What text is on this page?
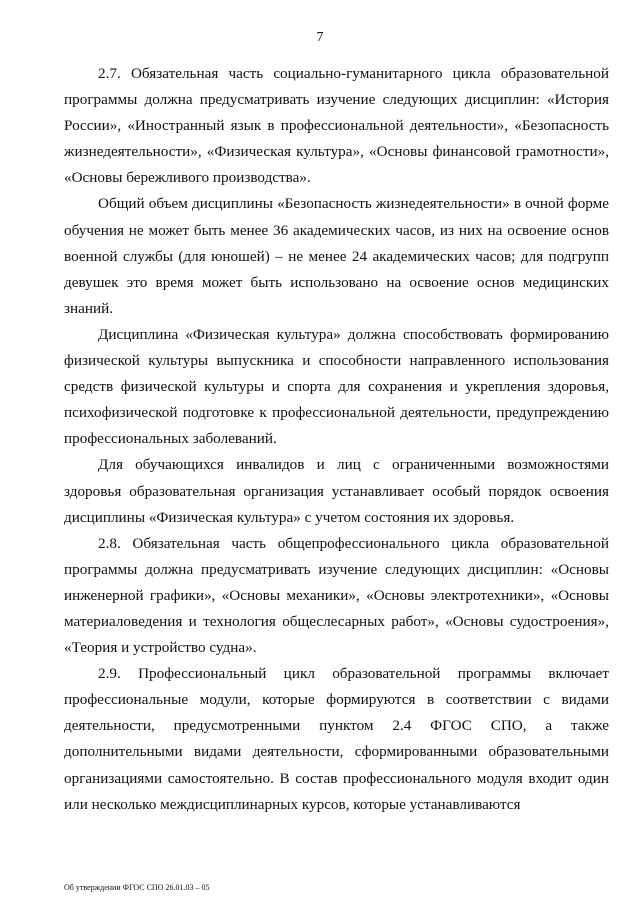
7

2.7. Обязательная часть социально-гуманитарного цикла образовательной программы должна предусматривать изучение следующих дисциплин: «История России», «Иностранный язык в профессиональной деятельности», «Безопасность жизнедеятельности», «Физическая культура», «Основы финансовой грамотности», «Основы бережливого производства».

Общий объем дисциплины «Безопасность жизнедеятельности» в очной форме обучения не может быть менее 36 академических часов, из них на освоение основ военной службы (для юношей) – не менее 24 академических часов; для подгрупп девушек это время может быть использовано на освоение основ медицинских знаний.

Дисциплина «Физическая культура» должна способствовать формированию физической культуры выпускника и способности направленного использования средств физической культуры и спорта для сохранения и укрепления здоровья, психофизической подготовке к профессиональной деятельности, предупреждению профессиональных заболеваний.

Для обучающихся инвалидов и лиц с ограниченными возможностями здоровья образовательная организация устанавливает особый порядок освоения дисциплины «Физическая культура» с учетом состояния их здоровья.

2.8. Обязательная часть общепрофессионального цикла образовательной программы должна предусматривать изучение следующих дисциплин: «Основы инженерной графики», «Основы механики», «Основы электротехники», «Основы материаловедения и технология общеслесарных работ», «Основы судостроения», «Теория и устройство судна».

2.9. Профессиональный цикл образовательной программы включает профессиональные модули, которые формируются в соответствии с видами деятельности, предусмотренными пунктом 2.4 ФГОС СПО, а также дополнительными видами деятельности, сформированными образовательными организациями самостоятельно. В состав профессионального модуля входит один или несколько междисциплинарных курсов, которые устанавливаются

Об утверждении ФГОС СПО 26.01.03 – 05
